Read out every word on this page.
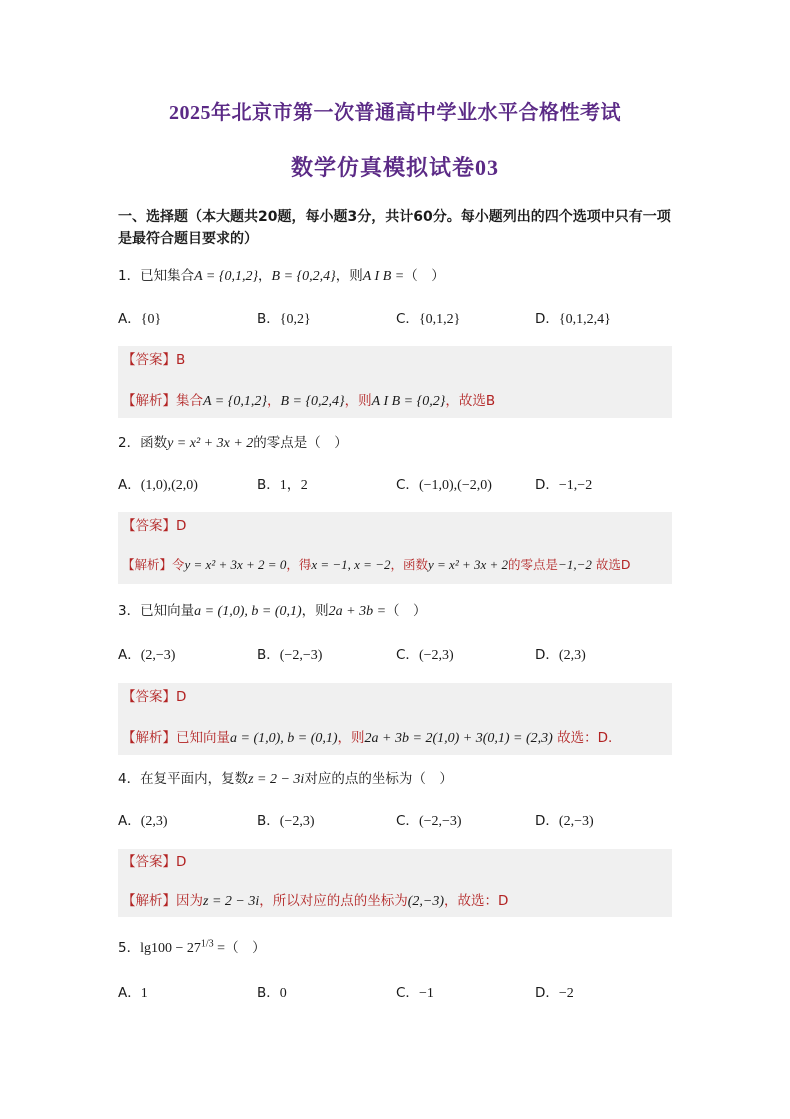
2025年北京市第一次普通高中学业水平合格性考试
数学仿真模拟试卷03
一、选择题（本大题共20题，每小题3分，共计60分。每小题列出的四个选项中只有一项是最符合题目要求的）
1．已知集合A = {0,1,2}，B = {0,2,4}，则A I B =（　）
A．{0}	B．{0,2}	C．{0,1,2}	D．{0,1,2,4}
【答案】B
【解析】集合A = {0,1,2}，B = {0,2,4}，则A I B = {0,2}，故选B
2．函数y = x² + 3x + 2的零点是（　）
A．(1,0),(2,0)	B．1，2	C．(−1,0),(−2,0)	D．−1,−2
【答案】D
【解析】令y = x² + 3x + 2 = 0，得x = −1, x = −2，函数y = x² + 3x + 2的零点是−1,−2 故选D
3．已知向量a = (1,0), b = (0,1)，则2a + 3b =（　）
A．(2,−3)	B．(−2,−3)	C．(−2,3)	D．(2,3)
【答案】D
【解析】已知向量a = (1,0), b = (0,1)，则2a + 3b = 2(1,0) + 3(0,1) = (2,3) 故选：D.
4．在复平面内，复数z = 2 − 3i对应的点的坐标为（　）
A．(2,3)	B．(−2,3)	C．(−2,−3)	D．(2,−3)
【答案】D
【解析】因为z = 2 − 3i，所以对应的点的坐标为(2,−3)，故选：D
5．$\lg 100 - 27^{1/3}$ =（　）
A．1	B．0	C．−1	D．−2
